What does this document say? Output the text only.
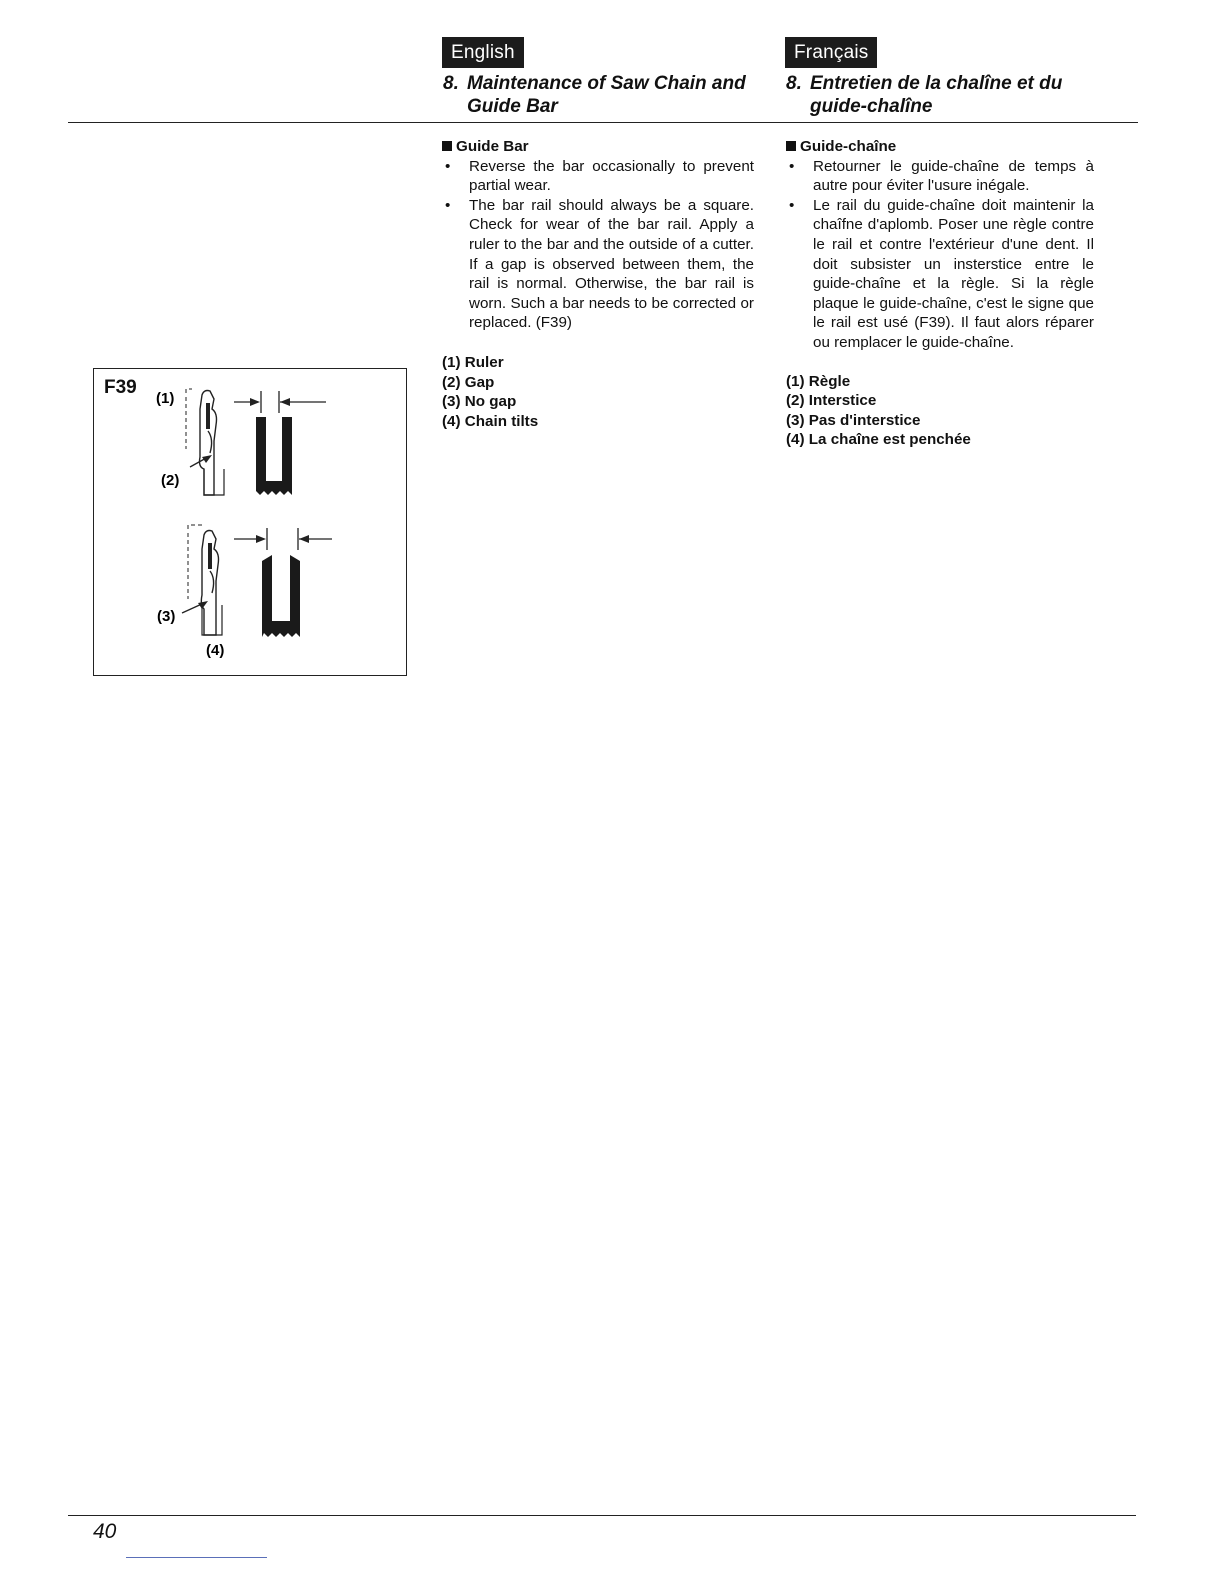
English	Français
8. Maintenance of Saw Chain and
Guide Bar
8. Entretien de la chalîne et du
guide-chalîne
Guide Bar
• Reverse the bar occasionally to prevent partial wear.
• The bar rail should always be a square. Check for wear of the bar rail. Apply a ruler to the bar and the outside of a cutter. If a gap is observed between them, the rail is normal. Otherwise, the bar rail is worn. Such a bar needs to be corrected or replaced. (F39)
(1) Ruler
(2) Gap
(3) No gap
(4) Chain tilts
Guide-chaîne
• Retourner le guide-chaîne de temps à autre pour éviter l'usure inégale.
• Le rail du guide-chaîne doit maintenir la chaîfne d'aplomb. Poser une règle contre le rail et contre l'extérieur d'une dent. Il doit subsister un insterstice entre le guide-chaîne et la règle. Si la règle plaque le guide-chaîne, c'est le signe que le rail est usé (F39). Il faut alors réparer ou remplacer le guide-chaîne.
(1) Règle
(2) Interstice
(3) Pas d'interstice
(4) La chaîne est penchée
F39
(1)
(2)
(3)
(4)
40
